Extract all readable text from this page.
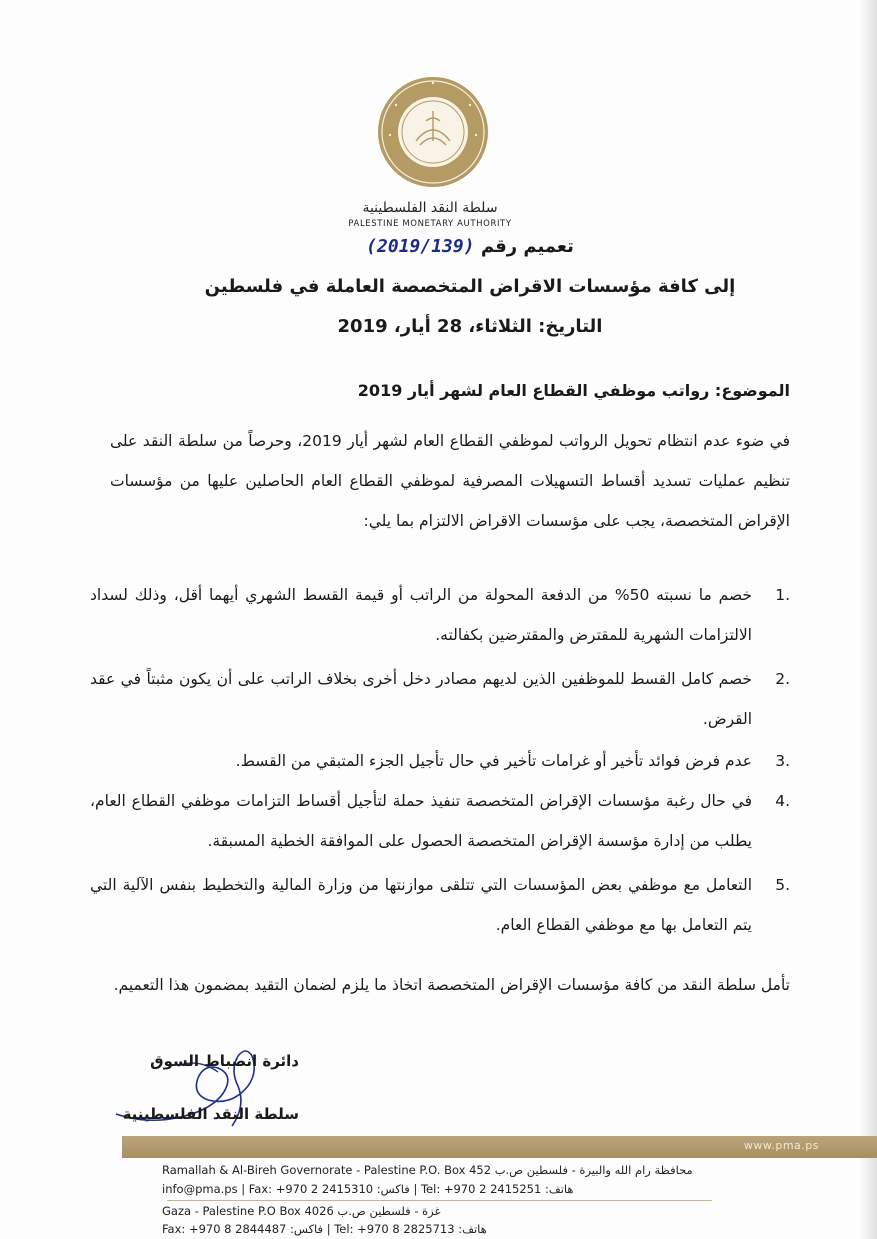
سلطة النقد الفلسطينية
PALESTINE MONETARY AUTHORITY
تعميم رقم (2019/139)
إلى كافة مؤسسات الاقراض المتخصصة العاملة في فلسطين
التاريخ: الثلاثاء، 28 أيار، 2019
الموضوع: رواتب موظفي القطاع العام لشهر أيار 2019
في ضوء عدم انتظام تحويل الرواتب لموظفي القطاع العام لشهر أيار 2019، وحرصاً من سلطة النقد على تنظيم عمليات تسديد أقساط التسهيلات المصرفية لموظفي القطاع العام الحاصلين عليها من مؤسسات الإقراض المتخصصة، يجب على مؤسسات الاقراض الالتزام بما يلي:
1.
خصم ما نسبته 50% من الدفعة المحولة من الراتب أو قيمة القسط الشهري أيهما أقل، وذلك لسداد الالتزامات الشهرية للمقترض والمقترضين بكفالته.
2.
خصم كامل القسط للموظفين الذين لديهم مصادر دخل أخرى بخلاف الراتب على أن يكون مثبتاً في عقد القرض.
3.
عدم فرض فوائد تأخير أو غرامات تأخير في حال تأجيل الجزء المتبقي من القسط.
4.
في حال رغبة مؤسسات الإقراض المتخصصة تنفيذ حملة لتأجيل أقساط التزامات موظفي القطاع العام، يطلب من إدارة مؤسسة الإقراض المتخصصة الحصول على الموافقة الخطية المسبقة.
5.
التعامل مع موظفي بعض المؤسسات التي تتلقى موازنتها من وزارة المالية والتخطيط بنفس الآلية التي يتم التعامل بها مع موظفي القطاع العام.
تأمل سلطة النقد من كافة مؤسسات الإقراض المتخصصة اتخاذ ما يلزم لضمان التقيد بمضمون هذا التعميم.
دائرة انضباط السوق
سلطة النقد الفلسطينية
www.pma.ps
Ramallah & Al-Bireh Governorate - Palestine P.O. Box 452 محافظة رام الله والبيرة - فلسطين ص.ب
info@pma.ps | Fax: +970 2 2415310 :فاكس | Tel: +970 2 2415251 :هاتف
Gaza - Palestine P.O Box 4026 غزة - فلسطين ص.ب
Fax: +970 8 2844487 :فاكس | Tel: +970 8 2825713 :هاتف
